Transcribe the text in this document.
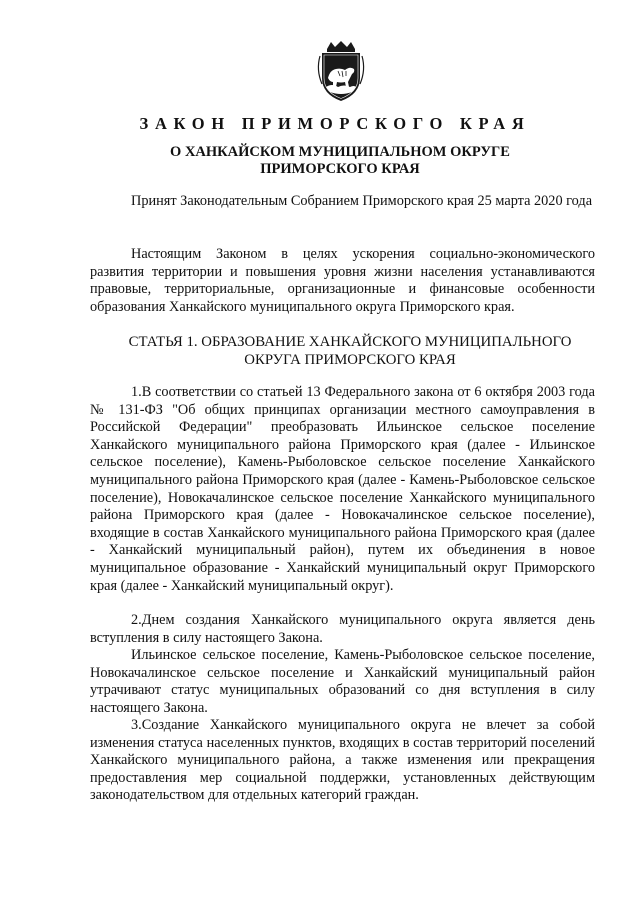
ЗАКОН ПРИМОРСКОГО КРАЯ
О ХАНКАЙСКОМ МУНИЦИПАЛЬНОМ ОКРУГЕ ПРИМОРСКОГО КРАЯ

Принят Законодательным Собранием Приморского края 25 марта 2020 года

Настоящим Законом в целях ускорения социально-экономического развития территории и повышения уровня жизни населения устанавливаются правовые, территориальные, организационные и финансовые особенности образования Ханкайского муниципального округа Приморского края.

СТАТЬЯ 1. ОБРАЗОВАНИЕ ХАНКАЙСКОГО МУНИЦИПАЛЬНОГО
ОКРУГА ПРИМОРСКОГО КРАЯ

1.В соответствии со статьей 13 Федерального закона от 6 октября 2003 года № 131-ФЗ "Об общих принципах организации местного самоуправления в Российской Федерации" преобразовать Ильинское сельское поселение Ханкайского муниципального района Приморского края (далее - Ильинское сельское поселение), Камень-Рыболовское сельское поселение Ханкайского муниципального района Приморского края (далее - Камень-Рыболовское сельское поселение), Новокачалинское сельское поселение Ханкайского муниципального района Приморского края (далее - Новокачалинское сельское поселение), входящие в состав Ханкайского муниципального района Приморского края (далее - Ханкайский муниципальный район), путем их объединения в новое муниципальное образование - Ханкайский муниципальный округ Приморского края (далее - Ханкайский муниципальный округ).

2.Днем создания Ханкайского муниципального округа является день вступления в силу настоящего Закона.

Ильинское сельское поселение, Камень-Рыболовское сельское поселение, Новокачалинское сельское поселение и Ханкайский муниципальный район утрачивают статус муниципальных образований со дня вступления в силу настоящего Закона.

3.Создание Ханкайского муниципального округа не влечет за собой изменения статуса населенных пунктов, входящих в состав территорий поселений Ханкайского муниципального района, а также изменения или прекращения предоставления мер социальной поддержки, установленных действующим законодательством для отдельных категорий граждан.
